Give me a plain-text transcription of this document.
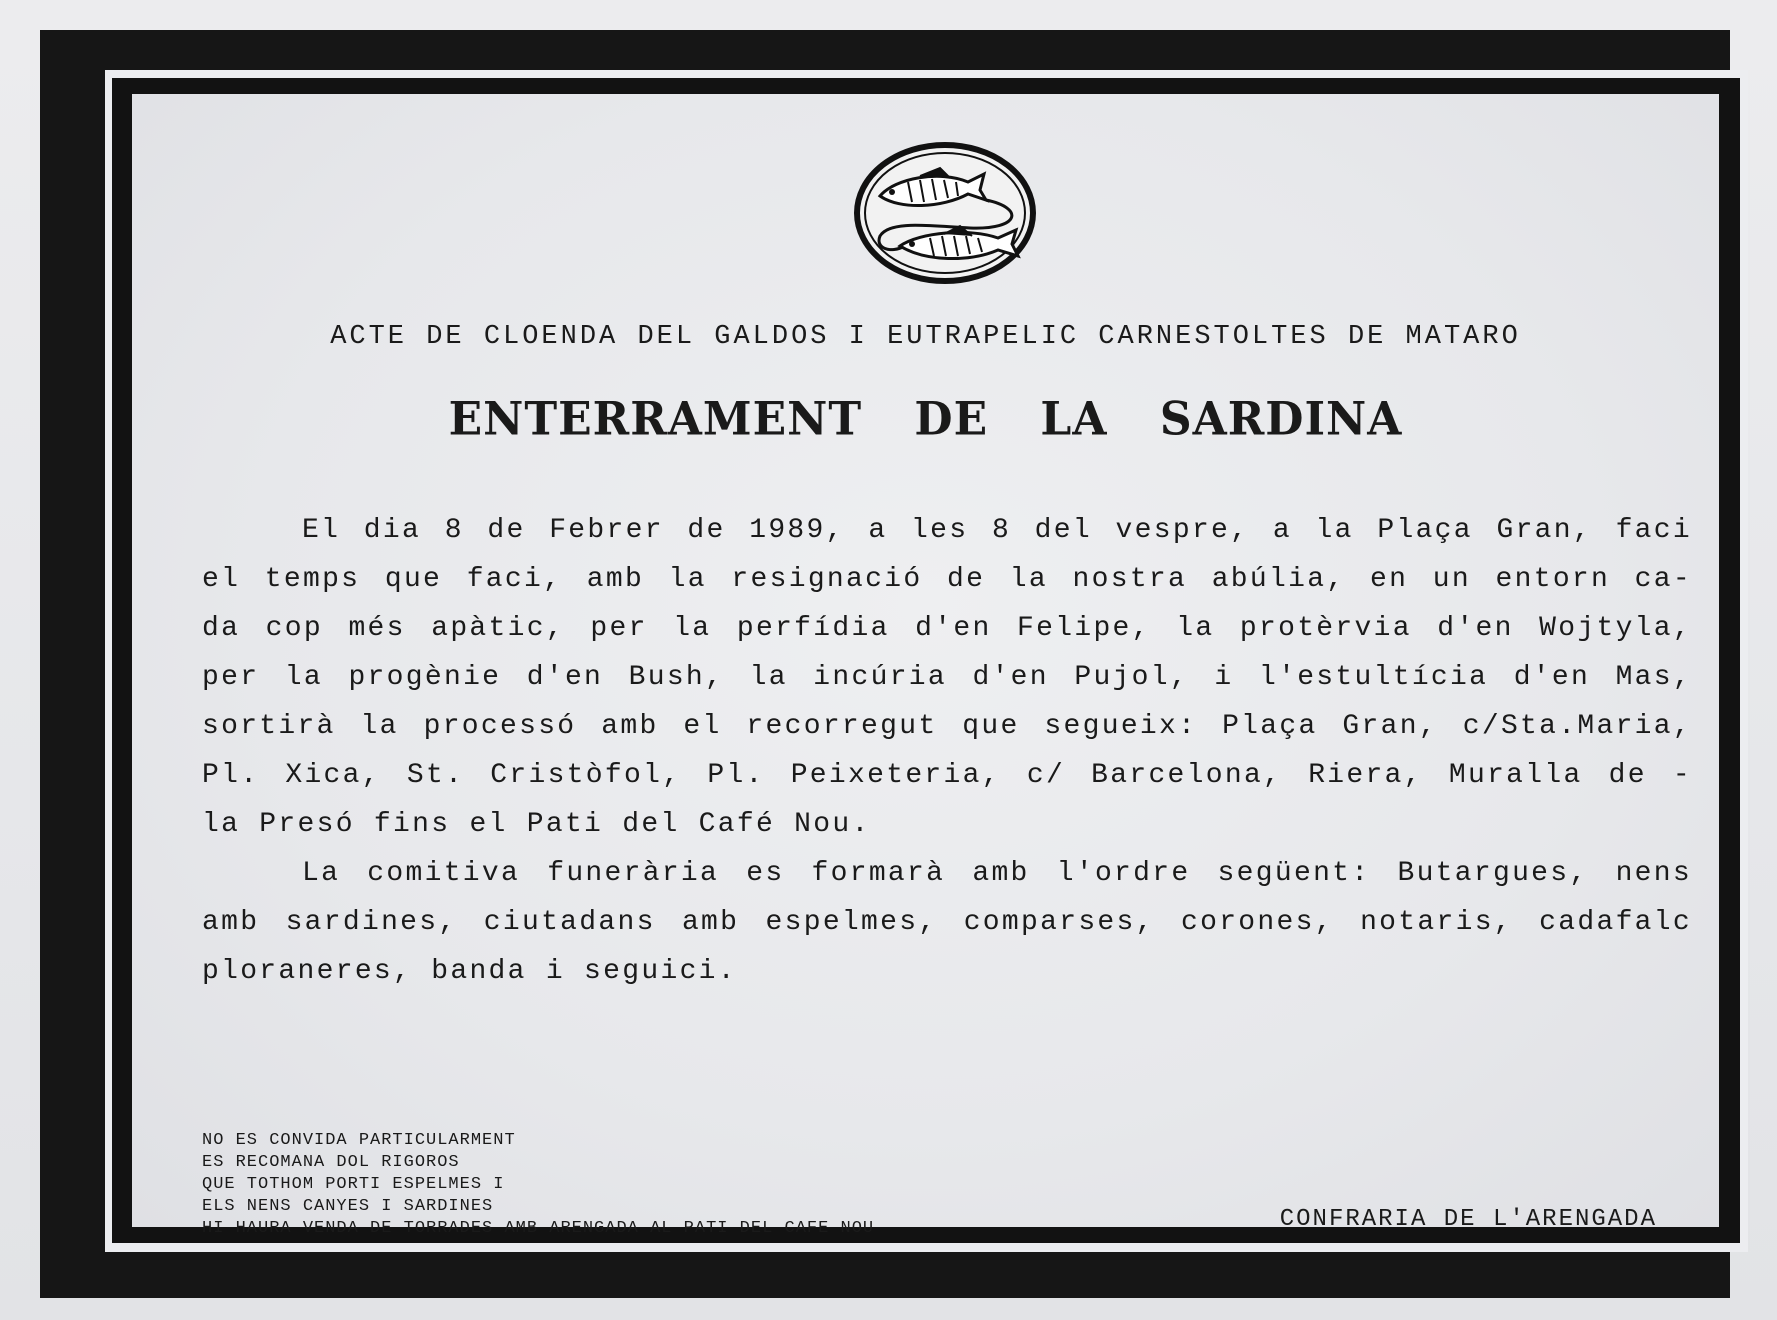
ACTE DE CLOENDA DEL GALDOS I EUTRAPELIC CARNESTOLTES DE MATARO
ENTERRAMENT DE LA SARDINA
El dia 8 de Febrer de 1989, a les 8 del vespre, a la Plaça Gran, faci
el temps que faci, amb la resignació de la nostra abúlia, en un entorn ca-
da cop més apàtic, per la perfídia d'en Felipe, la protèrvia d'en Wojtyla,
per la progènie d'en Bush, la incúria d'en Pujol, i l'estultícia d'en Mas,
sortirà la processó amb el recorregut que segueix: Plaça Gran, c/Sta.Maria,
Pl. Xica, St. Cristòfol, Pl. Peixeteria, c/ Barcelona, Riera, Muralla de -
la Presó fins el Pati del Café Nou.
La comitiva funerària es formarà amb l'ordre següent: Butargues, nens
amb sardines, ciutadans amb espelmes, comparses, corones, notaris, cadafalc
ploraneres, banda i seguici.
NO ES CONVIDA PARTICULARMENT
ES RECOMANA DOL RIGOROS
QUE TOTHOM PORTI ESPELMES I
ELS NENS CANYES I SARDINES
HI HAURA VENDA DE TORRADES AMB ARENGADA AL PATI DEL CAFE NOU	CONFRARIA DE L'ARENGADA
